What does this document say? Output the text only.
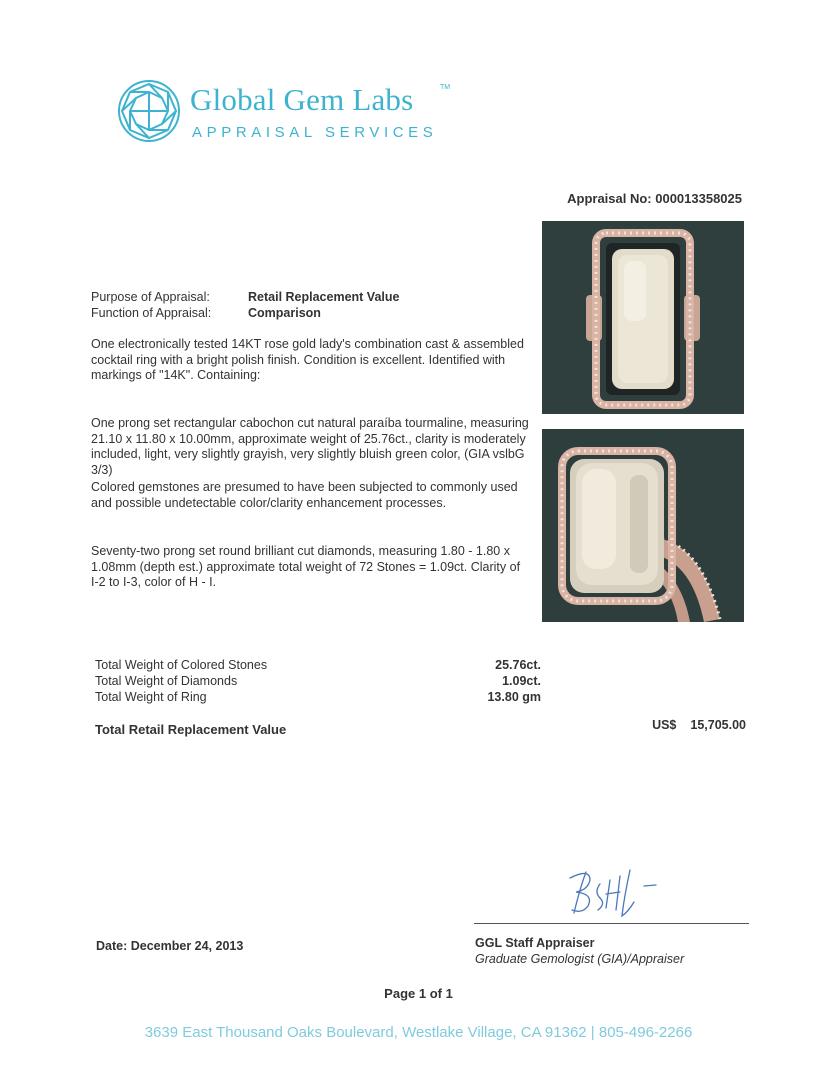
Global Gem Labs	TM
APPRAISAL SERVICES
Appraisal No: 000013358025
Purpose of Appraisal:	Retail Replacement Value
Function of Appraisal:	Comparison
One electronically tested 14KT rose gold lady's combination cast & assembled cocktail ring with a bright polish finish. Condition is excellent. Identified with markings of "14K". Containing:
One prong set rectangular cabochon cut natural paraíba tourmaline, measuring 21.10 x 11.80 x 10.00mm, approximate weight of 25.76ct., clarity is moderately included, light, very slightly grayish, very slightly bluish green color, (GIA vslbG 3/3)
Colored gemstones are presumed to have been subjected to commonly used and possible undetectable color/clarity enhancement processes.
Seventy-two prong set round brilliant cut diamonds, measuring 1.80 - 1.80 x 1.08mm (depth est.) approximate total weight of 72 Stones = 1.09ct. Clarity of I-2 to I-3, color of H - I.
Total Weight of Colored Stones	25.76ct.
Total Weight of Diamonds	1.09ct.
Total Weight of Ring	13.80 gm
Total Retail Replacement Value	US$ 15,705.00
Date: December 24, 2013	GGL Staff Appraiser
Graduate Gemologist (GIA)/Appraiser
Page 1 of 1
3639 East Thousand Oaks Boulevard, Westlake Village, CA 91362 | 805-496-2266
